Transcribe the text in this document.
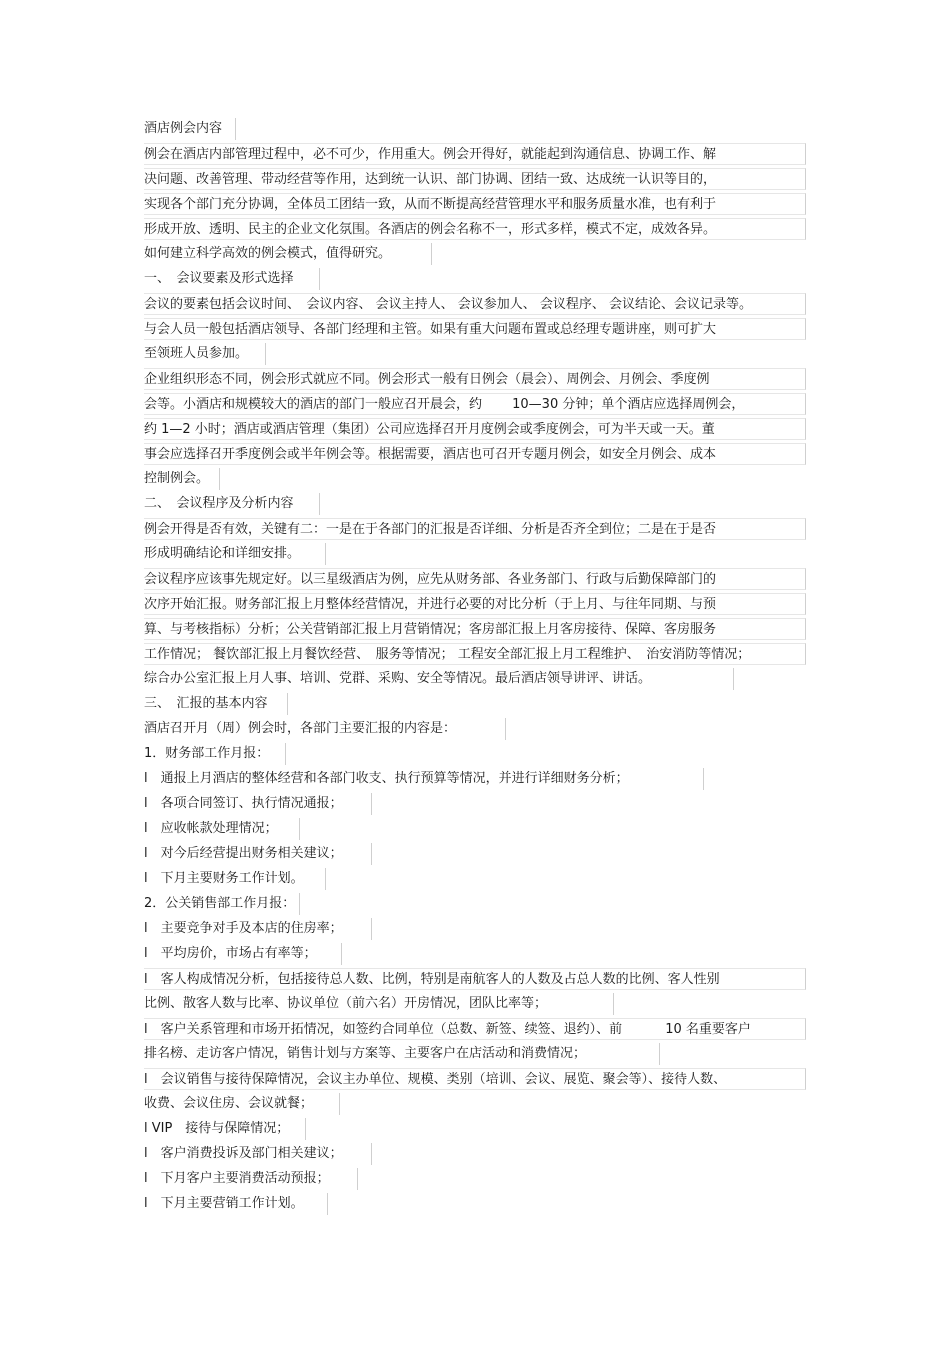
酒店例会内容
例会在酒店内部管理过程中，必不可少，作用重大。例会开得好，就能起到沟通信息、协调工作、解
决问题、改善管理、带动经营等作用，达到统一认识、部门协调、团结一致、达成统一认识等目的，
实现各个部门充分协调，全体员工团结一致，从而不断提高经营管理水平和服务质量水准，也有利于
形成开放、透明、民主的企业文化氛围。各酒店的例会名称不一，形式多样，模式不定，成效各异。
如何建立科学高效的例会模式，值得研究。
一、　会议要素及形式选择
会议的要素包括会议时间、　会议内容、 会议主持人、 会议参加人、 会议程序、 会议结论、会议记录等。
与会人员一般包括酒店领导、各部门经理和主管。如果有重大问题布置或总经理专题讲座，则可扩大
至领班人员参加。
企业组织形态不同，例会形式就应不同。例会形式一般有日例会（晨会）、周例会、月例会、季度例
会等。小酒店和规模较大的酒店的部门一般应召开晨会，约　　 10—30 分钟；单个酒店应选择周例会，
约 1—2 小时；酒店或酒店管理（集团）公司应选择召开月度例会或季度例会，可为半天或一天。董
事会应选择召开季度例会或半年例会等。根据需要，酒店也可召开专题月例会，如安全月例会、成本
控制例会。
二、　会议程序及分析内容
例会开得是否有效，关键有二：一是在于各部门的汇报是否详细、分析是否齐全到位；二是在于是否
形成明确结论和详细安排。
会议程序应该事先规定好。以三星级酒店为例，应先从财务部、各业务部门、行政与后勤保障部门的
次序开始汇报。财务部汇报上月整体经营情况，并进行必要的对比分析（于上月、与往年同期、与预
算、与考核指标）分析；公关营销部汇报上月营销情况；客房部汇报上月客房接待、保障、客房服务
工作情况； 餐饮部汇报上月餐饮经营、　服务等情况； 工程安全部汇报上月工程维护、　治安消防等情况；
综合办公室汇报上月人事、培训、党群、采购、安全等情况。最后酒店领导讲评、讲话。
三、　汇报的基本内容
酒店召开月（周）例会时，各部门主要汇报的内容是：
1．财务部工作月报：
l　通报上月酒店的整体经营和各部门收支、执行预算等情况，并进行详细财务分析；
l　各项合同签订、执行情况通报；
l　应收帐款处理情况；
l　对今后经营提出财务相关建议；
l　下月主要财务工作计划。
2．公关销售部工作月报：
l　主要竞争对手及本店的住房率；
l　平均房价，市场占有率等；
l　客人构成情况分析，包括接待总人数、比例，特别是南航客人的人数及占总人数的比例、客人性别
比例、散客人数与比率、协议单位（前六名）开房情况，团队比率等；
l　客户关系管理和市场开拓情况，如签约合同单位（总数、新签、续签、退约）、前　　　 10 名重要客户
排名榜、走访客户情况，销售计划与方案等、主要客户在店活动和消费情况；
l　会议销售与接待保障情况，会议主办单位、规模、类别（培训、会议、展览、聚会等）、接待人数、
收费、会议住房、会议就餐；
l VIP　接待与保障情况；
l　客户消费投诉及部门相关建议；
l　下月客户主要消费活动预报；
l　下月主要营销工作计划。
